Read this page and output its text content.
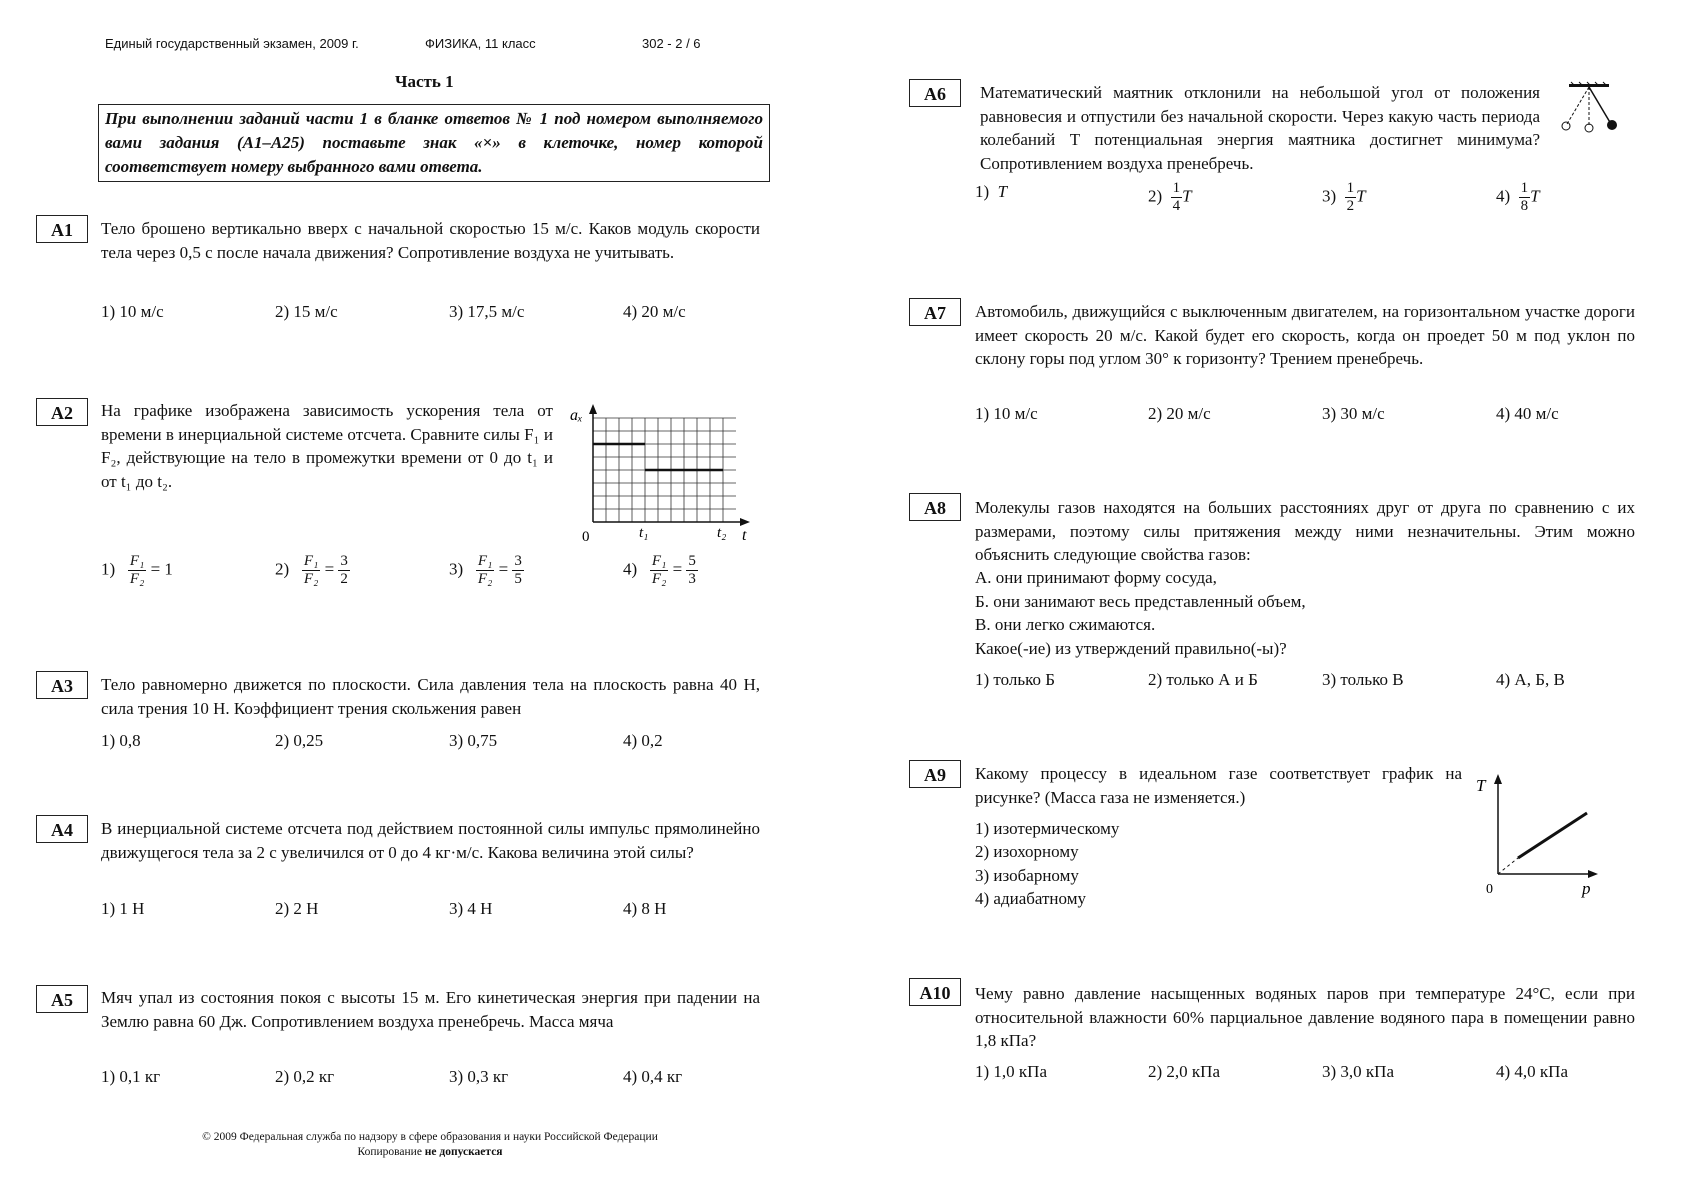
Единый государственный экзамен, 2009 г.	ФИЗИКА, 11 класс	302 - 2 / 6
Часть 1
При выполнении заданий части 1 в бланке ответов № 1 под номером выполняемого вами задания (А1–А25) поставьте знак «×» в клеточке, номер которой соответствует номеру выбранного вами ответа.
A1	Тело брошено вертикально вверх с начальной скоростью 15 м/с. Каков модуль скорости тела через 0,5 с после начала движения? Сопротивление воздуха не учитывать.
1) 10 м/с	2) 15 м/с	3) 17,5 м/с	4) 20 м/с
A2	На графике изображена зависимость ускорения тела от времени в инерциальной системе отсчета. Сравните силы F₁ и F₂, действующие на тело в промежутки времени от 0 до t₁ и от t₁ до t₂.
aₓ
t
0	t₁	t₂
$1) \frac{\text{F₁}}{\text{F₂}} = 1$	$2) \frac{\text{F₁}}{\text{F₂}} = \frac{3}{2}$	$3) \frac{\text{F₁}}{\text{F₂}} = \frac{3}{5}$	$4) \frac{\text{F₁}}{\text{F₂}} = \frac{5}{3}$
A3	Тело равномерно движется по плоскости. Сила давления тела на плоскость равна 40 Н, сила трения 10 Н. Коэффициент трения скольжения равен
1) 0,8	2) 0,25	3) 0,75	4) 0,2
A4	В инерциальной системе отсчета под действием постоянной силы импульс прямолинейно движущегося тела за 2 с увеличился от 0 до 4 кг·м/с. Какова величина этой силы?
1) 1 Н	2) 2 Н	3) 4 Н	4) 8 Н
A5	Мяч упал из состояния покоя с высоты 15 м. Его кинетическая энергия при падении на Землю равна 60 Дж. Сопротивлением воздуха пренебречь. Масса мяча
1) 0,1 кг	2) 0,2 кг	3) 0,3 кг	4) 0,4 кг
© 2009 Федеральная служба по надзору в сфере образования и науки Российской Федерации
Копирование не допускается
A6	Математический маятник отклонили на небольшой угол от положения равновесия и отпустили без начальной скорости. Через какую часть периода колебаний T потенциальная энергия маятника достигнет минимума? Сопротивлением воздуха пренебречь.
1) T	$2) \frac{1}{4}$ T	$3) \frac{1}{2}$ T	$4) \frac{1}{8}$ T
A7	Автомобиль, движущийся с выключенным двигателем, на горизонтальном участке дороги имеет скорость 20 м/с. Какой будет его скорость, когда он проедет 50 м под уклон по склону горы под углом 30° к горизонту? Трением пренебречь.
1) 10 м/с	2) 20 м/с	3) 30 м/с	4) 40 м/с
A8	Молекулы газов находятся на больших расстояниях друг от друга по сравнению с их размерами, поэтому силы притяжения между ними незначительны. Этим можно объяснить следующие свойства газов:
А. они принимают форму сосуда,
Б. они занимают весь представленный объем,
В. они легко сжимаются.
Какое(-ие) из утверждений правильно(-ы)?
1) только Б	2) только А и Б	3) только В	4) А, Б, В
A9	Какому процессу в идеальном газе соответствует график на рисунке? (Масса газа не изменяется.)
1) изотермическому
2) изохорному
3) изобарному
4) адиабатному
T
p
0
A10	Чему равно давление насыщенных водяных паров при температуре 24°С, если при относительной влажности 60% парциальное давление водяного пара в помещении равно 1,8 кПа?
1) 1,0 кПа	2) 2,0 кПа	3) 3,0 кПа	4) 4,0 кПа
